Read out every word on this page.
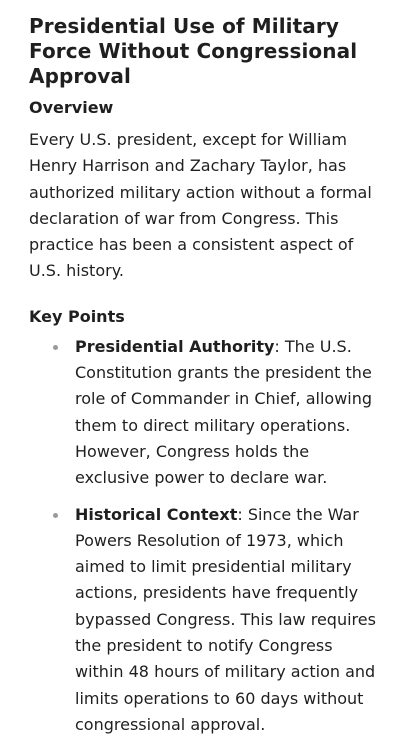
Presidential Use of Military Force Without Congressional Approval
Overview

Every U.S. president, except for William Henry Harrison and Zachary Taylor, has authorized military action without a formal declaration of war from Congress. This practice has been a consistent aspect of U.S. history.

Key Points
Presidential Authority: The U.S. Constitution grants the president the role of Commander in Chief, allowing them to direct military operations. However, Congress holds the exclusive power to declare war.
Historical Context: Since the War Powers Resolution of 1973, which aimed to limit presidential military actions, presidents have frequently bypassed Congress. This law requires the president to notify Congress within 48 hours of military action and limits operations to 60 days without congressional approval.
